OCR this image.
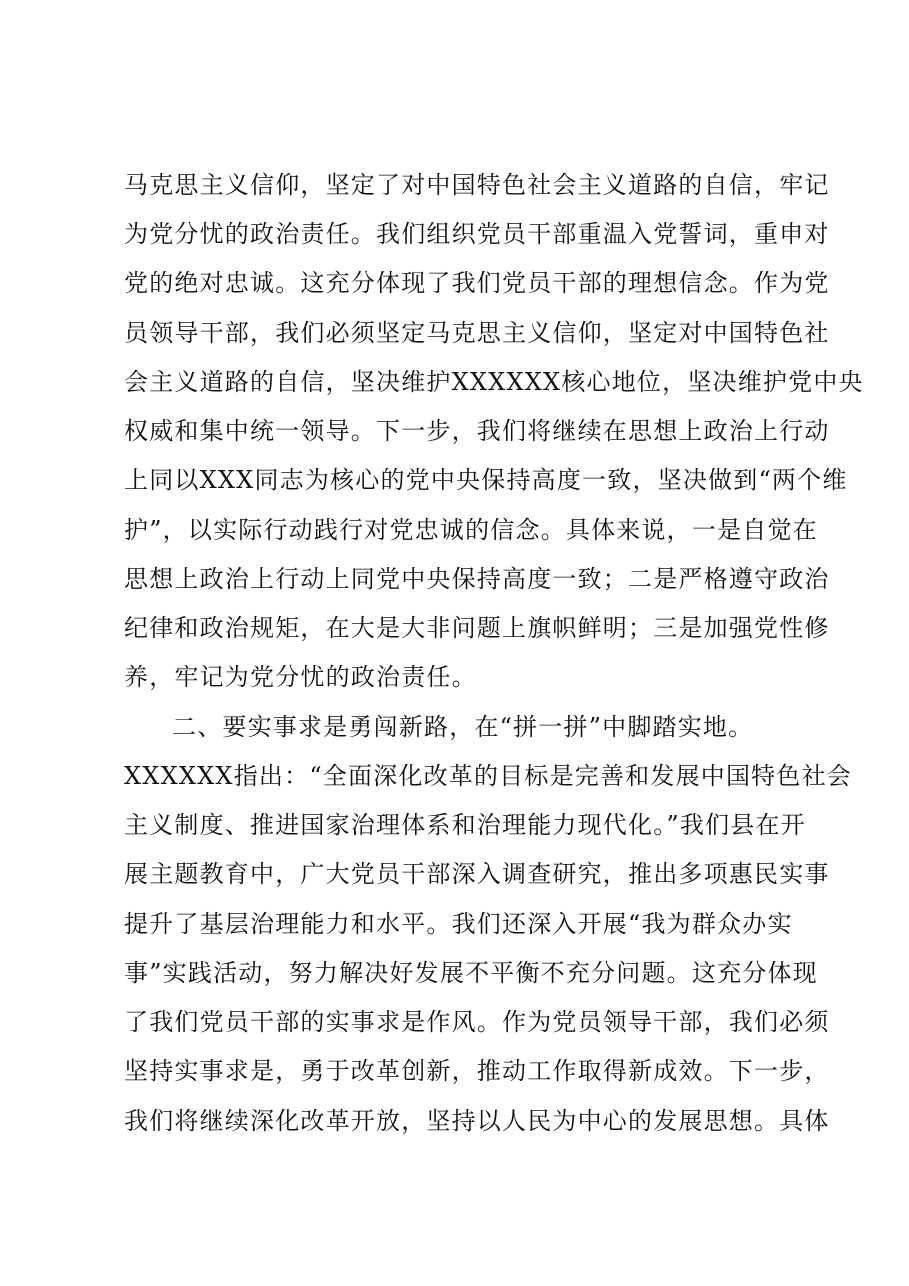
马克思主义信仰，坚定了对中国特色社会主义道路的自信，牢记
为党分忧的政治责任。我们组织党员干部重温入党誓词，重申对
党的绝对忠诚。这充分体现了我们党员干部的理想信念。作为党
员领导干部，我们必须坚定马克思主义信仰，坚定对中国特色社
会主义道路的自信，坚决维护XXXXXX核心地位，坚决维护党中央
权威和集中统一领导。下一步，我们将继续在思想上政治上行动
上同以XXX同志为核心的党中央保持高度一致，坚决做到“两个维
护”，以实际行动践行对党忠诚的信念。具体来说，一是自觉在
思想上政治上行动上同党中央保持高度一致；二是严格遵守政治
纪律和政治规矩，在大是大非问题上旗帜鲜明；三是加强党性修
养，牢记为党分忧的政治责任。
二、要实事求是勇闯新路，在“拼一拼”中脚踏实地。
XXXXXX指出：“全面深化改革的目标是完善和发展中国特色社会
主义制度、推进国家治理体系和治理能力现代化。”我们县在开
展主题教育中，广大党员干部深入调查研究，推出多项惠民实事
提升了基层治理能力和水平。我们还深入开展“我为群众办实
事”实践活动，努力解决好发展不平衡不充分问题。这充分体现
了我们党员干部的实事求是作风。作为党员领导干部，我们必须
坚持实事求是，勇于改革创新，推动工作取得新成效。下一步，
我们将继续深化改革开放，坚持以人民为中心的发展思想。具体
